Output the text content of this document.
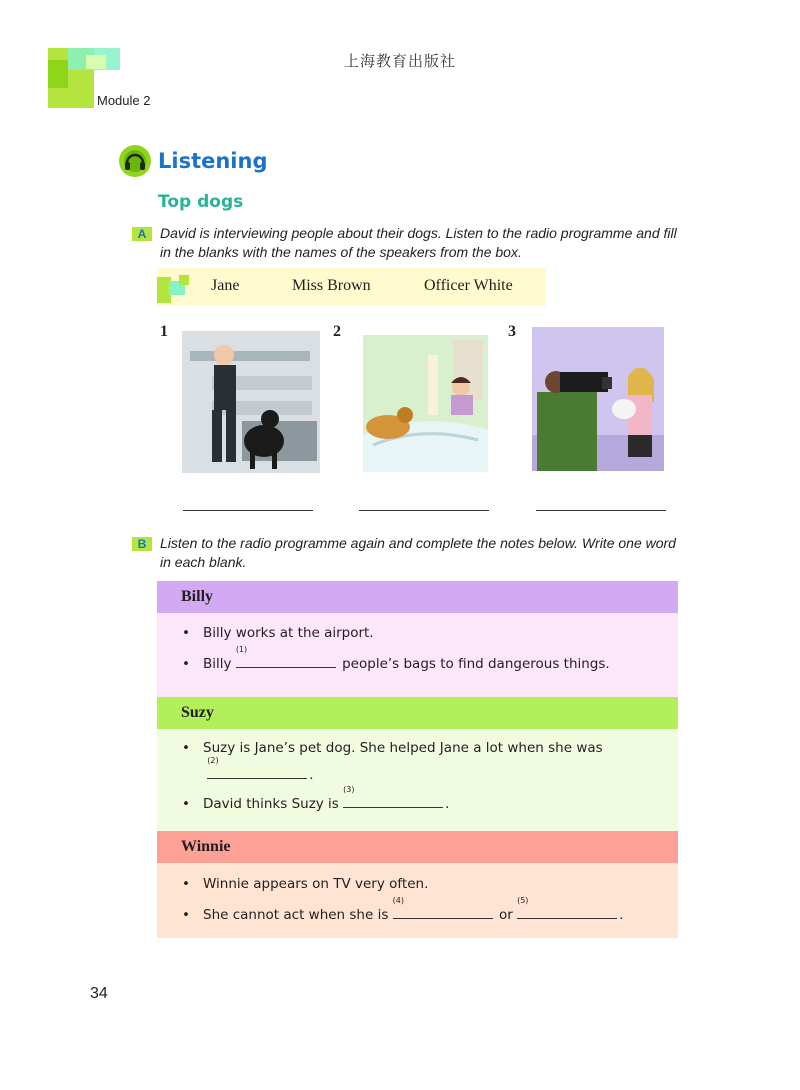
上海教育出版社
Module 2
Listening
Top dogs
A David is interviewing people about their dogs. Listen to the radio programme and fill in the blanks with the names of the speakers from the box.
Jane	Miss Brown	Officer White
1	2	3
B Listen to the radio programme again and complete the notes below. Write one word in each blank.
Billy
• Billy works at the airport.
• Billy
(1)
people’s bags to find dangerous things.
Suzy
• Suzy is Jane’s pet dog. She helped Jane a lot when she was

(2)
.
• David thinks Suzy is
(3)
.
Winnie
• Winnie appears on TV very often.
• She cannot act when she is
(4)
or
(5)
.
34
